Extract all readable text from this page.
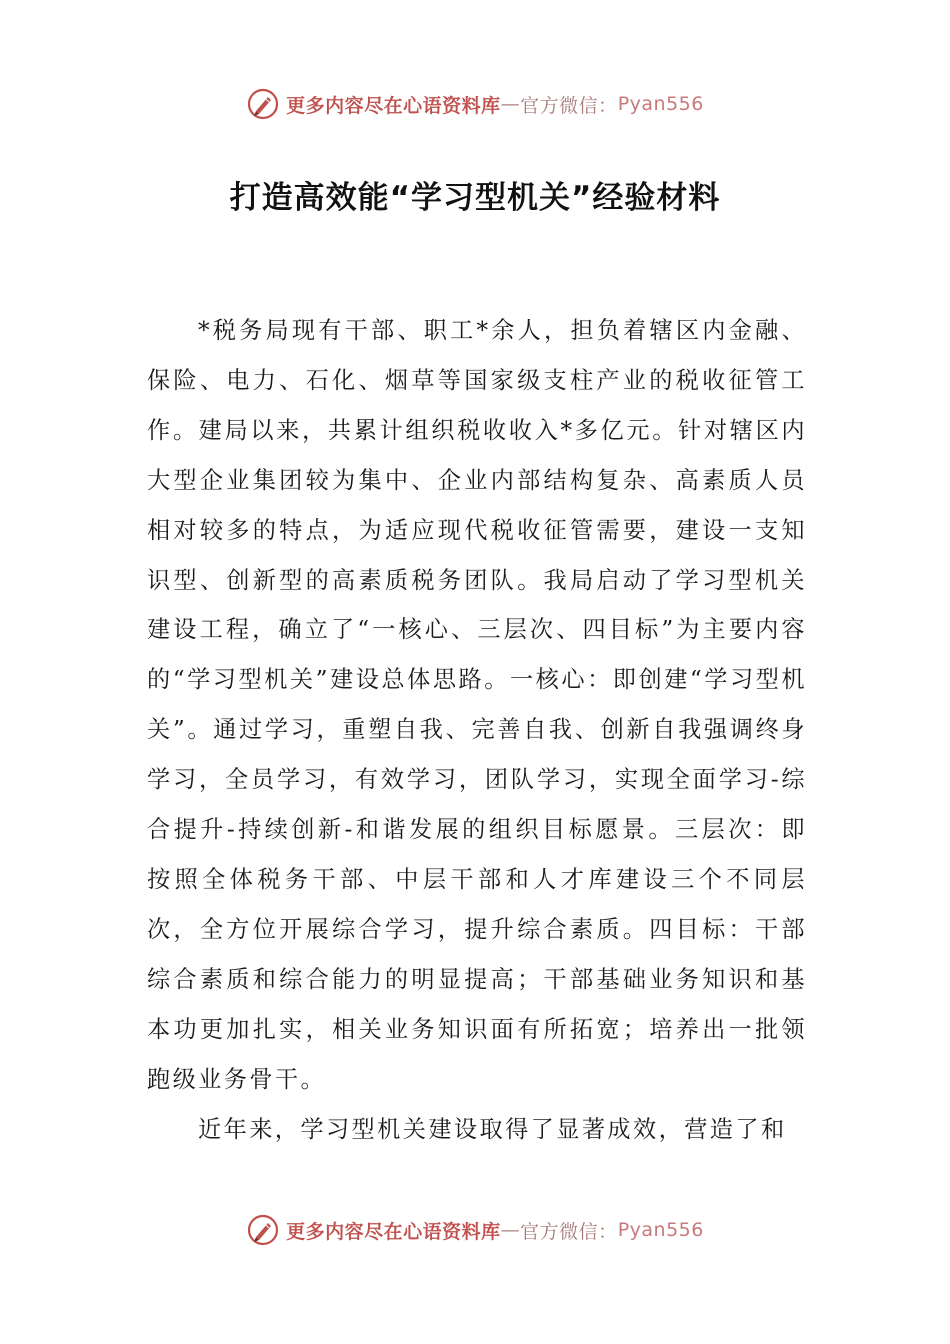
更多内容尽在心语资料库 — 官方微信： Pyan556
打造高效能“学习型机关”经验材料

*税务局现有干部、职工*余人，担负着辖区内金融、保险、电力、石化、烟草等国家级支柱产业的税收征管工作。建局以来，共累计组织税收收入*多亿元。针对辖区内大型企业集团较为集中、企业内部结构复杂、高素质人员相对较多的特点，为适应现代税收征管需要，建设一支知识型、创新型的高素质税务团队。我局启动了学习型机关建设工程，确立了“一核心、三层次、四目标”为主要内容的“学习型机关”建设总体思路。一核心：即创建“学习型机关”。通过学习，重塑自我、完善自我、创新自我强调终身学习，全员学习，有效学习，团队学习，实现全面学习-综合提升-持续创新-和谐发展的组织目标愿景。三层次：即按照全体税务干部、中层干部和人才库建设三个不同层次，全方位开展综合学习，提升综合素质。四目标：干部综合素质和综合能力的明显提高；干部基础业务知识和基本功更加扎实，相关业务知识面有所拓宽；培养出一批领跑级业务骨干。

近年来，学习型机关建设取得了显著成效，营造了和

更多内容尽在心语资料库 — 官方微信： Pyan556
